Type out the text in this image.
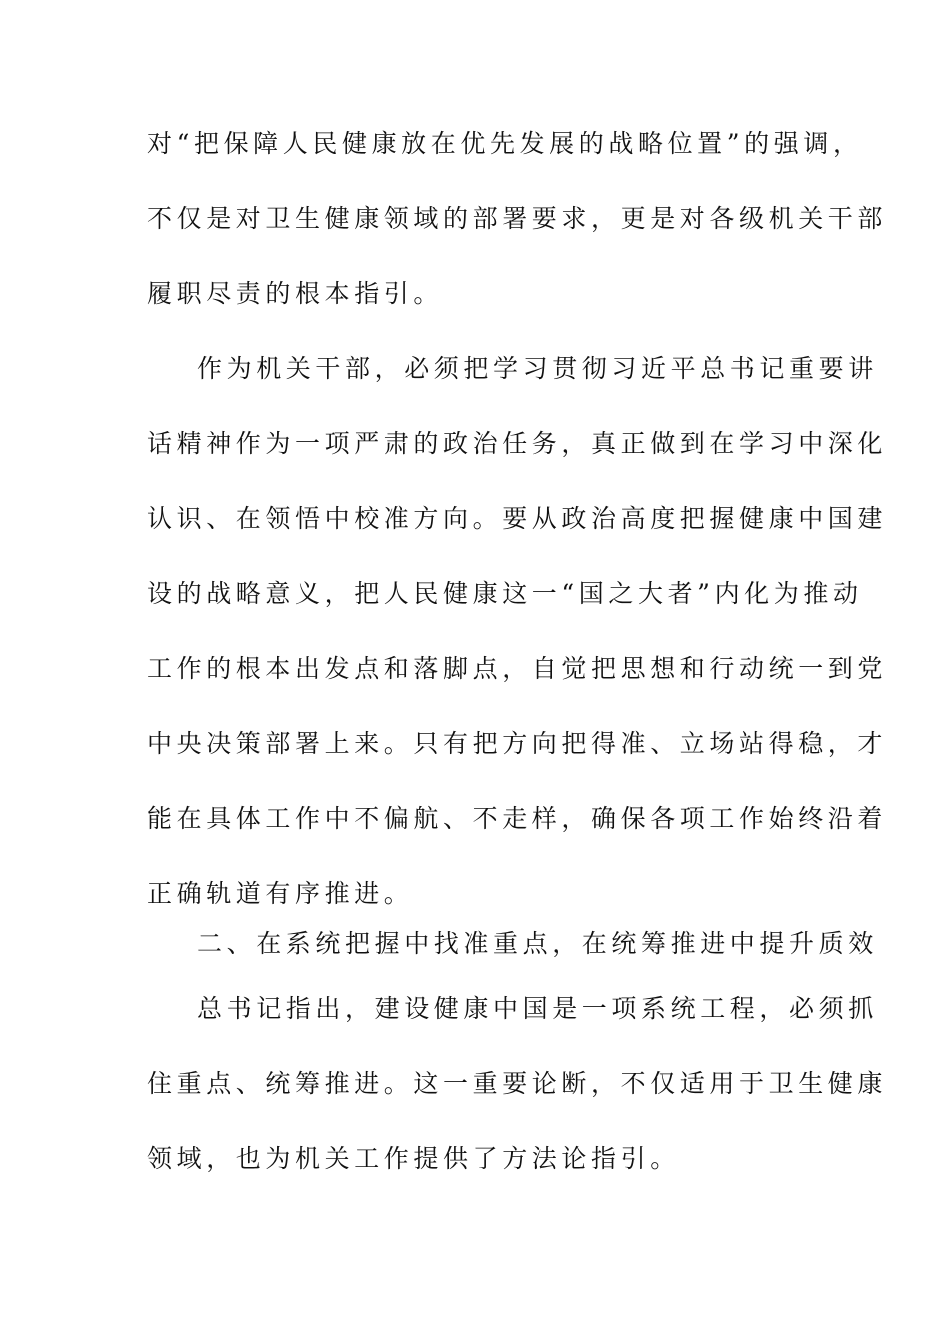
对“把保障人民健康放在优先发展的战略位置”的强调，
不仅是对卫生健康领域的部署要求，更是对各级机关干部
履职尽责的根本指引。
作为机关干部，必须把学习贯彻习近平总书记重要讲
话精神作为一项严肃的政治任务，真正做到在学习中深化
认识、在领悟中校准方向。要从政治高度把握健康中国建
设的战略意义，把人民健康这一“国之大者”内化为推动
工作的根本出发点和落脚点，自觉把思想和行动统一到党
中央决策部署上来。只有把方向把得准、立场站得稳，才
能在具体工作中不偏航、不走样，确保各项工作始终沿着
正确轨道有序推进。
二、在系统把握中找准重点，在统筹推进中提升质效
总书记指出，建设健康中国是一项系统工程，必须抓
住重点、统筹推进。这一重要论断，不仅适用于卫生健康
领域，也为机关工作提供了方法论指引。
